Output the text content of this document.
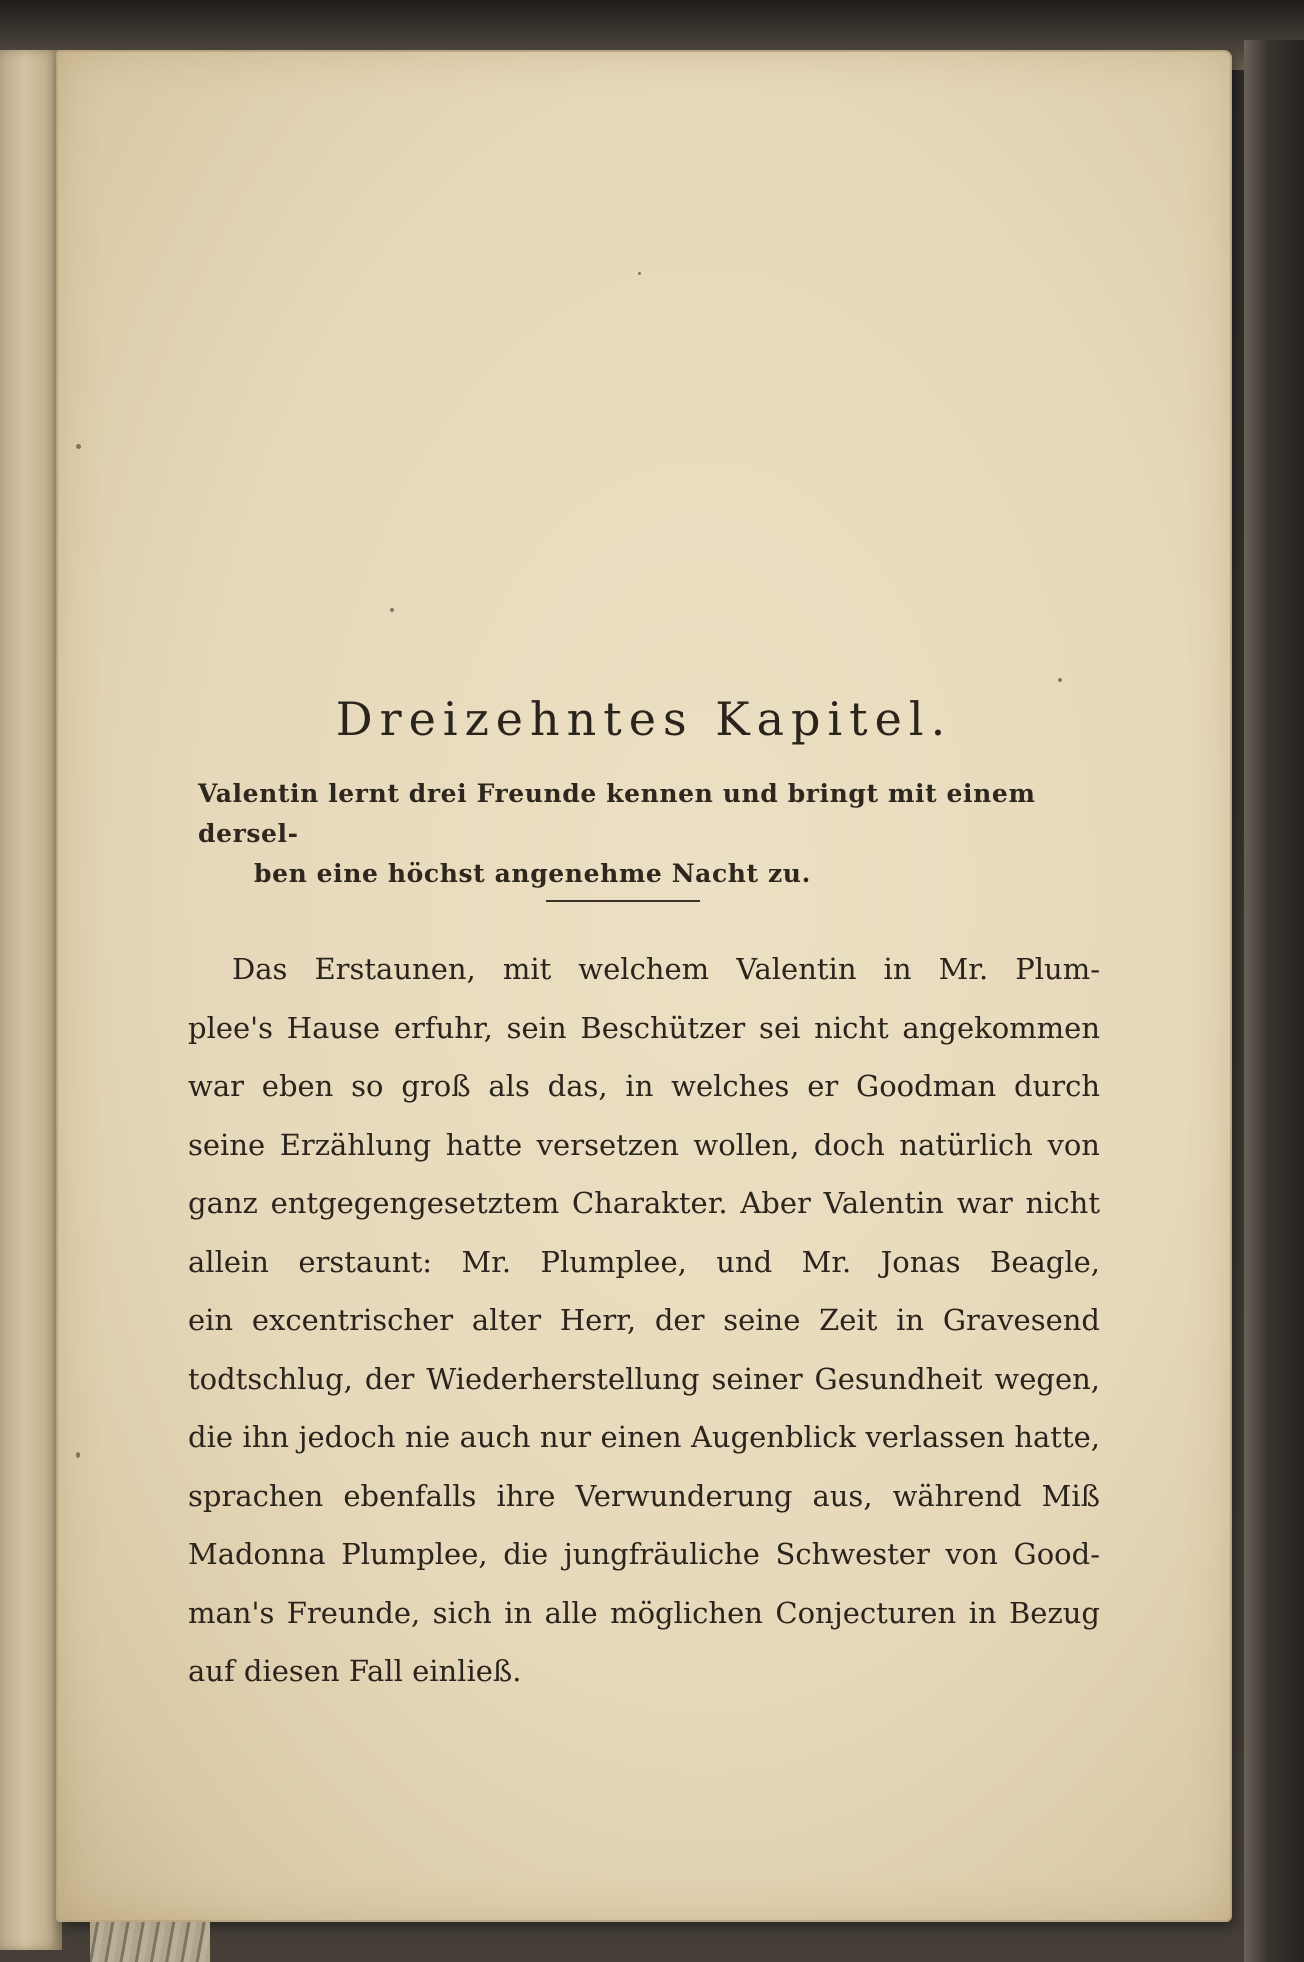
Dreizehntes Kapitel.

Valentin lernt drei Freunde kennen und bringt mit einem dersel-
ben eine höchst angenehme Nacht zu.

Das Erstaunen, mit welchem Valentin in Mr. Plum-
plee's Hause erfuhr, sein Beschützer sei nicht angekommen
war eben so groß als das, in welches er Goodman durch
seine Erzählung hatte versetzen wollen, doch natürlich von
ganz entgegengesetztem Charakter. Aber Valentin war nicht
allein erstaunt: Mr. Plumplee, und Mr. Jonas Beagle,
ein excentrischer alter Herr, der seine Zeit in Gravesend
todtschlug, der Wiederherstellung seiner Gesundheit wegen,
die ihn jedoch nie auch nur einen Augenblick verlassen hatte,
sprachen ebenfalls ihre Verwunderung aus, während Miß
Madonna Plumplee, die jungfräuliche Schwester von Good-
man's Freunde, sich in alle möglichen Conjecturen in Bezug
auf diesen Fall einließ.
